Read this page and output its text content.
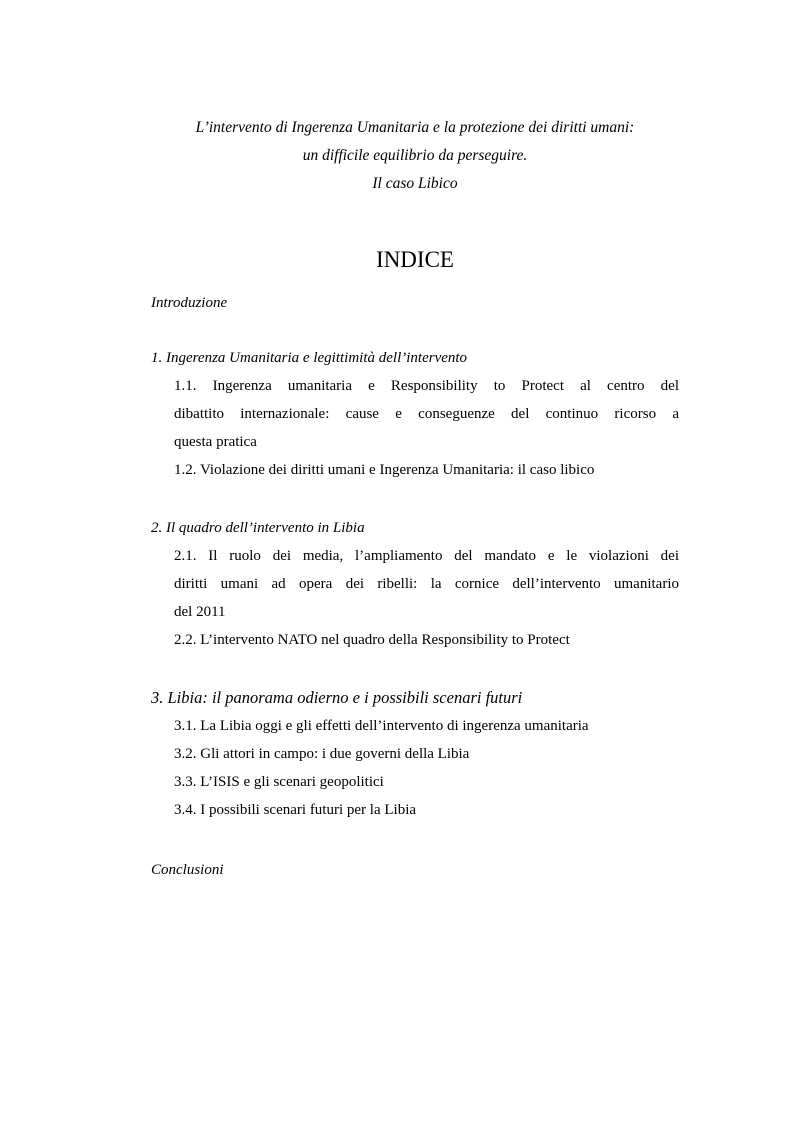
L’intervento di Ingerenza Umanitaria e la protezione dei diritti umani:
un difficile equilibrio da perseguire.
Il caso Libico
INDICE
Introduzione
1. Ingerenza Umanitaria e legittimità dell’intervento
1.1. Ingerenza umanitaria e Responsibility to Protect al centro del
dibattito internazionale: cause e conseguenze del continuo ricorso a
questa pratica
1.2. Violazione dei diritti umani e Ingerenza Umanitaria: il caso libico
2. Il quadro dell’intervento in Libia
2.1. Il ruolo dei media, l’ampliamento del mandato e le violazioni dei
diritti umani ad opera dei ribelli: la cornice dell’intervento umanitario
del 2011
2.2. L’intervento NATO nel quadro della Responsibility to Protect
3. Libia: il panorama odierno e i possibili scenari futuri
3.1. La Libia oggi e gli effetti dell’intervento di ingerenza umanitaria
3.2. Gli attori in campo: i due governi della Libia
3.3. L’ISIS e gli scenari geopolitici
3.4. I possibili scenari futuri per la Libia
Conclusioni
